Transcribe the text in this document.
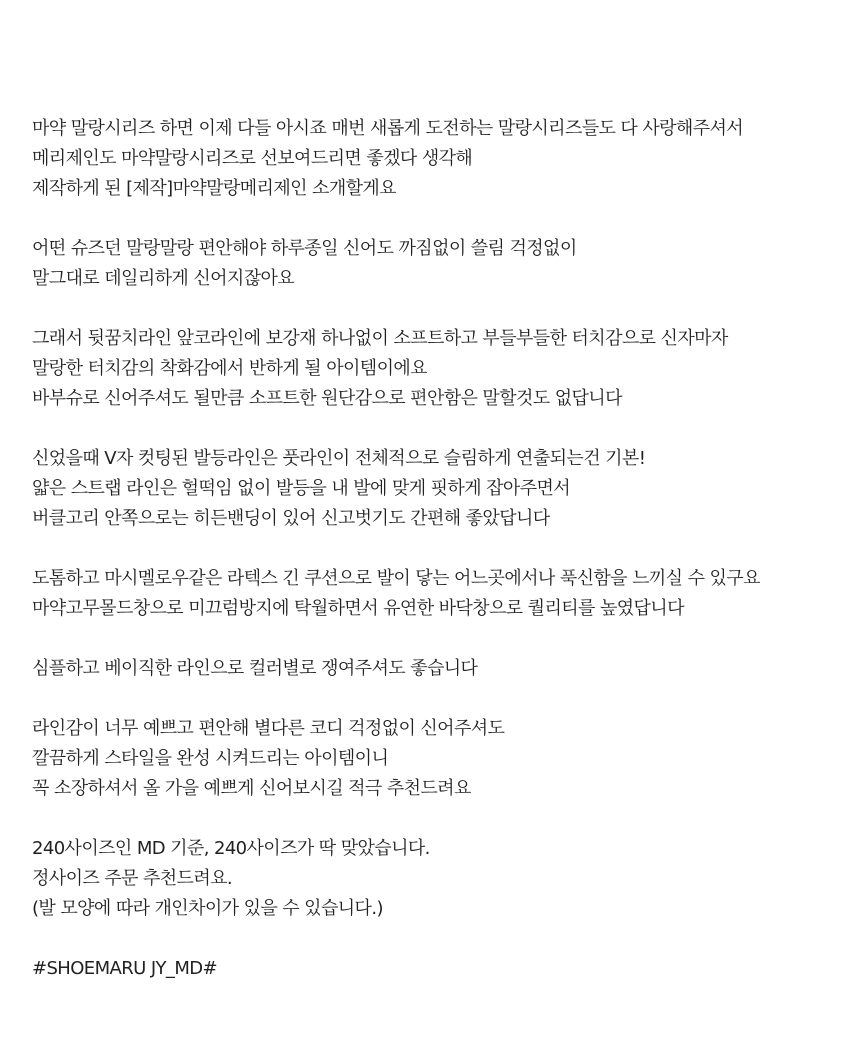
마약 말랑시리즈 하면 이제 다들 아시죠 매번 새롭게 도전하는 말랑시리즈들도 다 사랑해주셔서
메리제인도 마약말랑시리즈로 선보여드리면 좋겠다 생각해
제작하게 된 [제작]마약말랑메리제인 소개할게요

어떤 슈즈던 말랑말랑 편안해야 하루종일 신어도 까짐없이 쓸림 걱정없이
말그대로 데일리하게 신어지잖아요

그래서 뒷꿈치라인 앞코라인에 보강재 하나없이 소프트하고 부들부들한 터치감으로 신자마자
말랑한 터치감의 착화감에서 반하게 될 아이템이에요
바부슈로 신어주셔도 될만큼 소프트한 원단감으로 편안함은 말할것도 없답니다

신었을때 V자 컷팅된 발등라인은 풋라인이 전체적으로 슬림하게 연출되는건 기본!
얇은 스트랩 라인은 헐떡임 없이 발등을 내 발에 맞게 핏하게 잡아주면서
버클고리 안쪽으로는 히든밴딩이 있어 신고벗기도 간편해 좋았답니다

도톰하고 마시멜로우같은 라텍스 긴 쿠션으로 발이 닿는 어느곳에서나 푹신함을 느끼실 수 있구요
마약고무몰드창으로 미끄럼방지에 탁월하면서 유연한 바닥창으로 퀄리티를 높였답니다

심플하고 베이직한 라인으로 컬러별로 쟁여주셔도 좋습니다

라인감이 너무 예쁘고 편안해 별다른 코디 걱정없이 신어주셔도
깔끔하게 스타일을 완성 시켜드리는 아이템이니
꼭 소장하셔서 올 가을 예쁘게 신어보시길 적극 추천드려요

240사이즈인 MD 기준, 240사이즈가 딱 맞았습니다.
정사이즈 주문 추천드려요.
(발 모양에 따라 개인차이가 있을 수 있습니다.)

#SHOEMARU JY_MD#
